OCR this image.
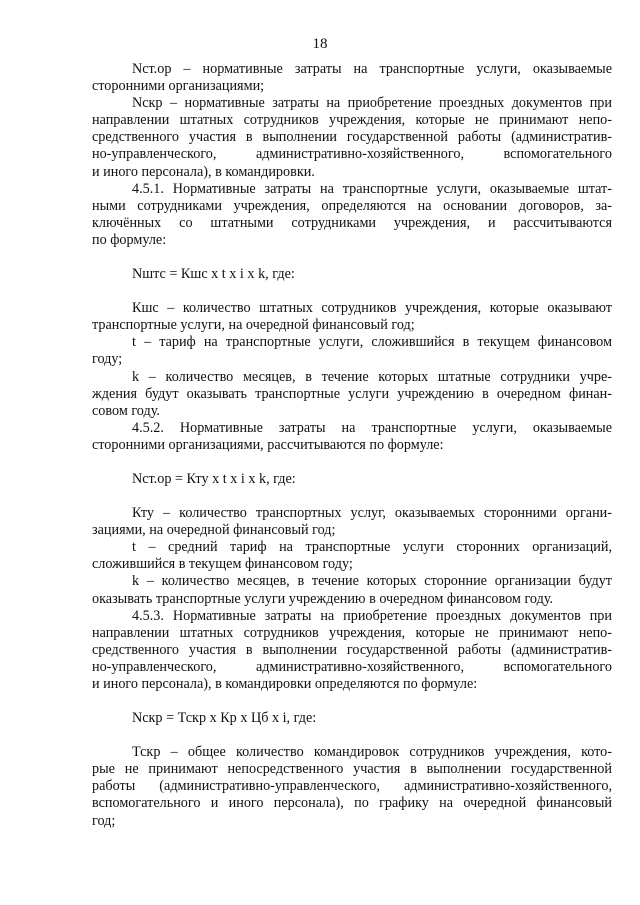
18
Nст.ор – нормативные затраты на транспортные услуги, оказываемые
сторонними организациями;
Nскр – нормативные затраты на приобретение проездных документов при
направлении штатных сотрудников учреждения, которые не принимают непо-
средственного участия в выполнении государственной работы (административ-
но-управленческого, административно-хозяйственного, вспомогательного
и иного персонала), в командировки.
4.5.1. Нормативные затраты на транспортные услуги, оказываемые штат-
ными сотрудниками учреждения, определяются на основании договоров, за-
ключённых со штатными сотрудниками учреждения, и рассчитываются
по формуле:

Nштс = Кшс x t x i x k, где:

Кшс – количество штатных сотрудников учреждения, которые оказывают
транспортные услуги, на очередной финансовый год;
t – тариф на транспортные услуги, сложившийся в текущем финансовом
году;
k – количество месяцев, в течение которых штатные сотрудники учре-
ждения будут оказывать транспортные услуги учреждению в очередном финан-
совом году.
4.5.2. Нормативные затраты на транспортные услуги, оказываемые
сторонними организациями, рассчитываются по формуле:

Nст.ор = Кту x t x i x k, где:

Кту – количество транспортных услуг, оказываемых сторонними органи-
зациями, на очередной финансовый год;
t – средний тариф на транспортные услуги сторонних организаций,
сложившийся в текущем финансовом году;
k – количество месяцев, в течение которых сторонние организации будут
оказывать транспортные услуги учреждению в очередном финансовом году.
4.5.3. Нормативные затраты на приобретение проездных документов при
направлении штатных сотрудников учреждения, которые не принимают непо-
средственного участия в выполнении государственной работы (административ-
но-управленческого, административно-хозяйственного, вспомогательного
и иного персонала), в командировки определяются по формуле:

Nскр = Тскр x Кр x Цб x i, где:

Тскр – общее количество командировок сотрудников учреждения, кото-
рые не принимают непосредственного участия в выполнении государственной
работы (административно-управленческого, административно-хозяйственного,
вспомогательного и иного персонала), по графику на очередной финансовый
год;
